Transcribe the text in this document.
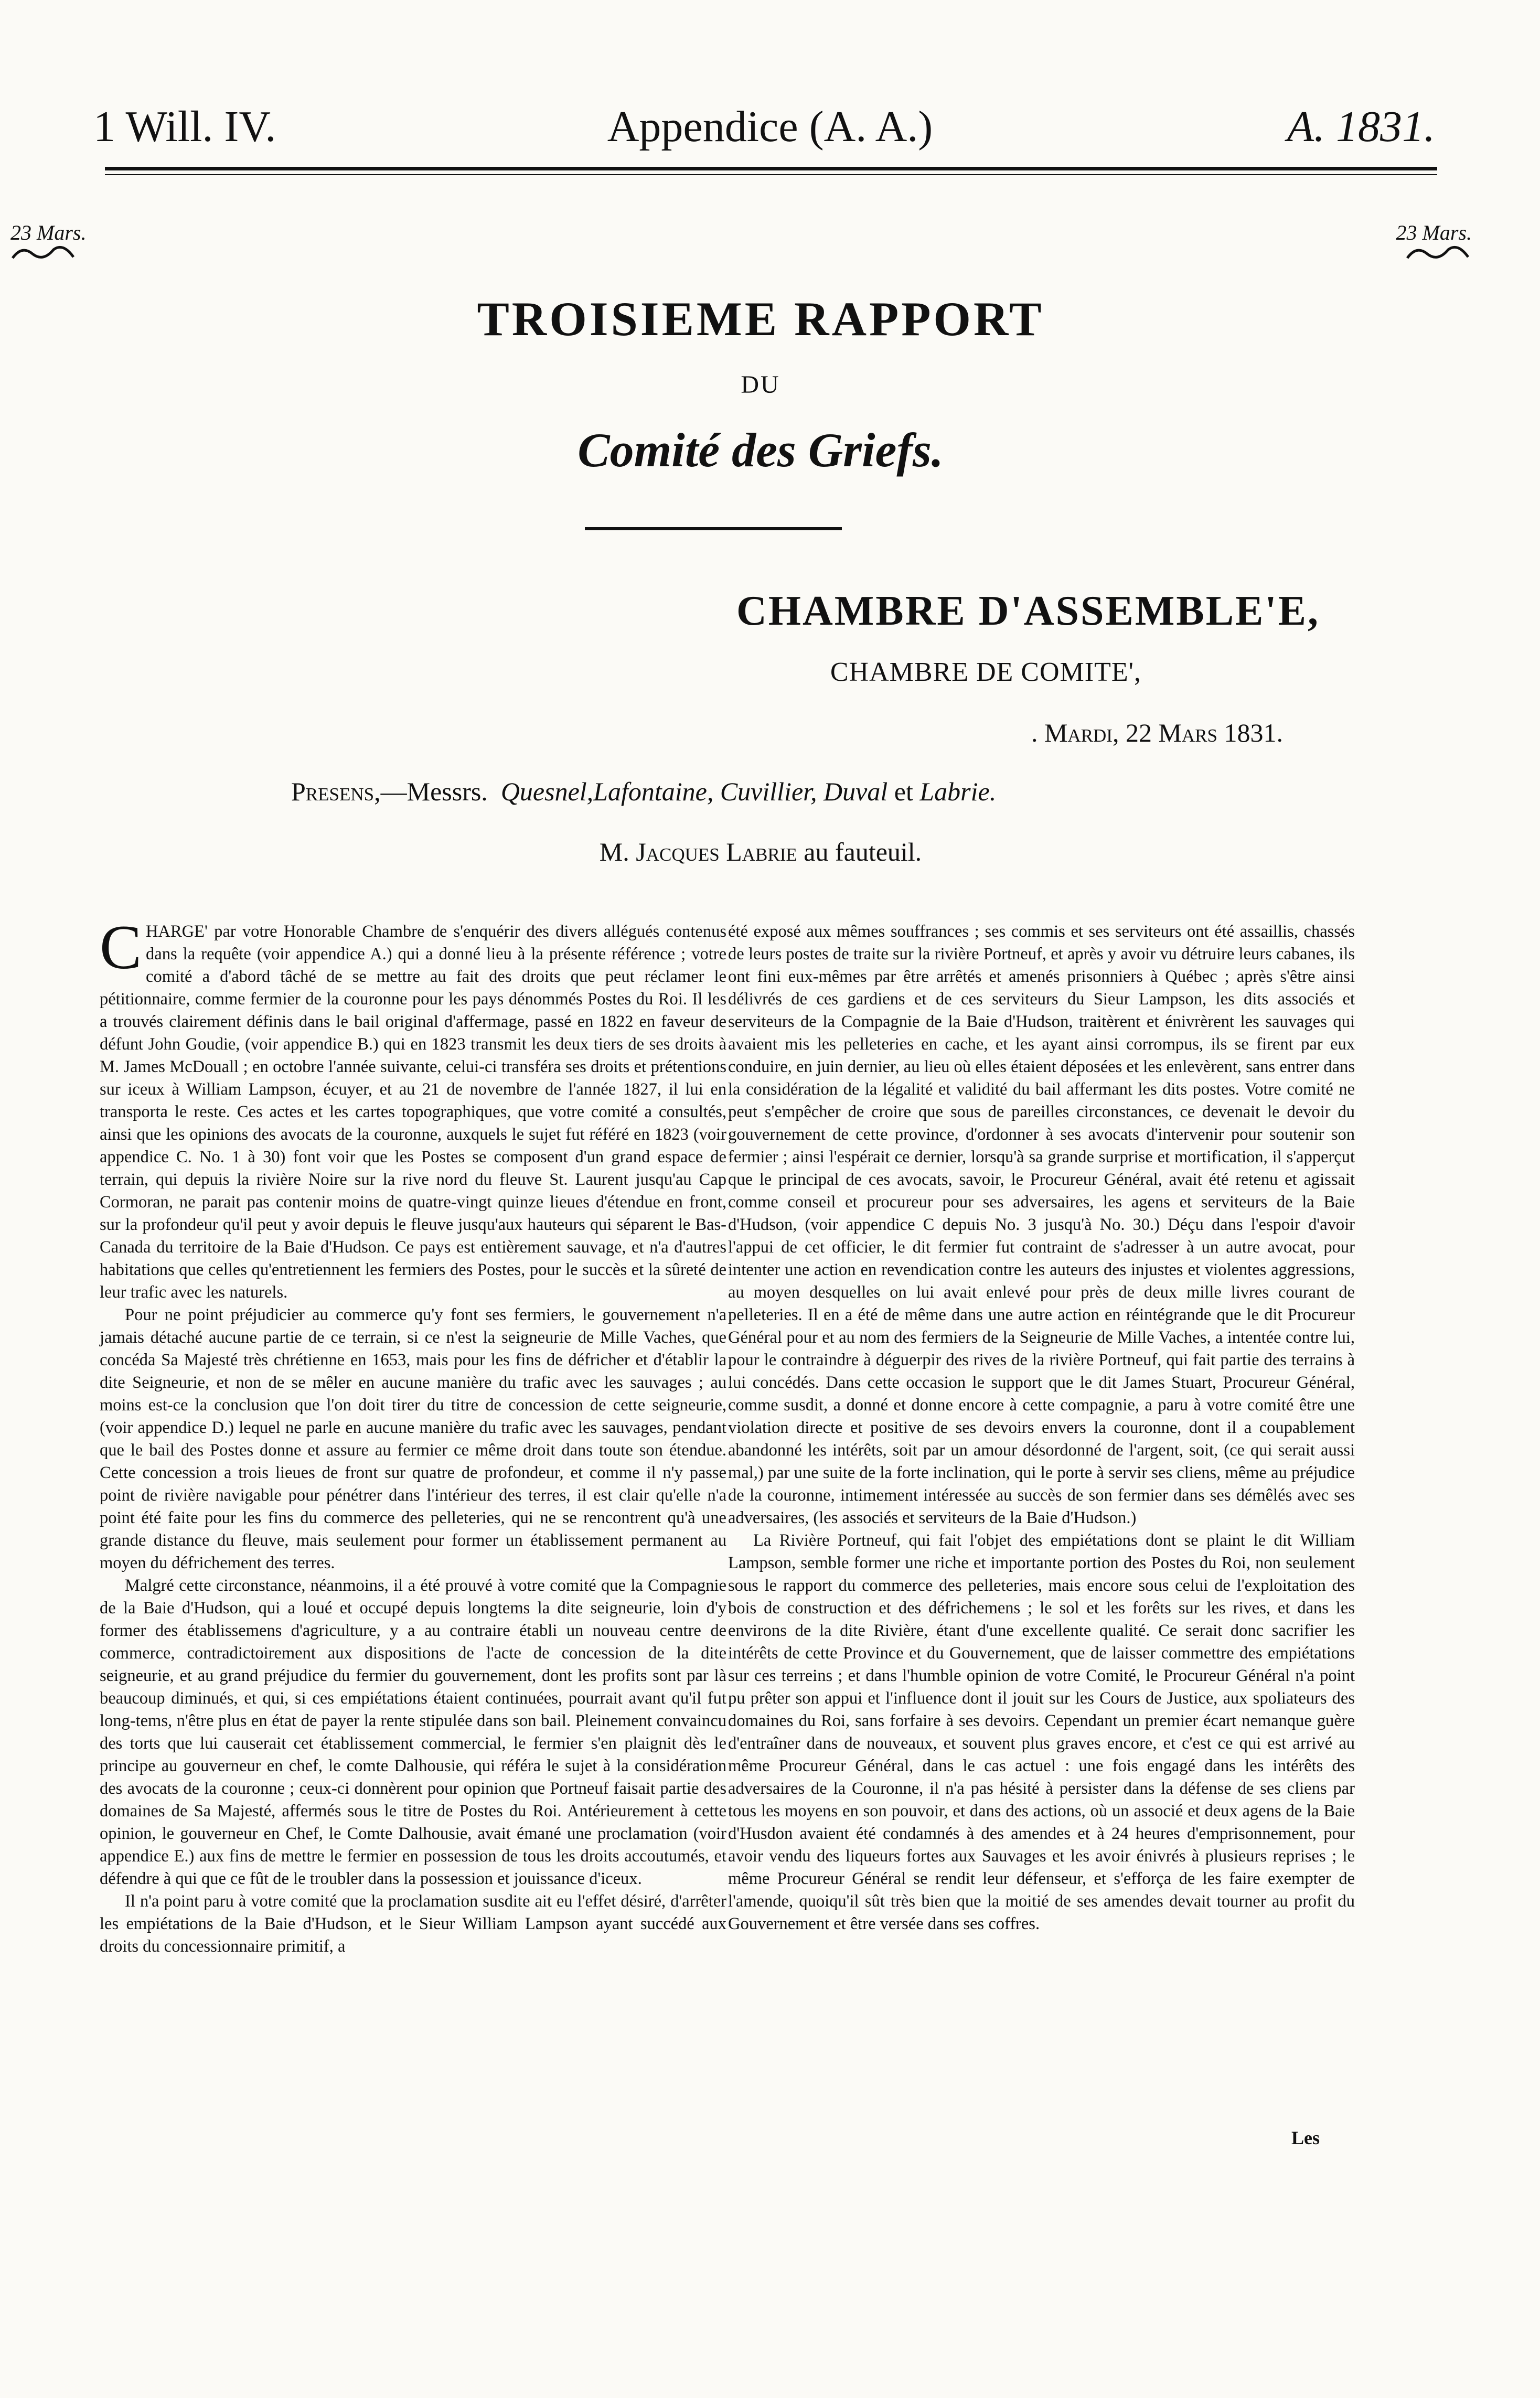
1 Will. IV.	Appendice (A. A.)	A. 1831.
23 Mars.	23 Mars.
TROISIEME RAPPORT
DU
Comité des Griefs.
CHAMBRE D'ASSEMBLE'E,
CHAMBRE DE COMITE',
. Mardi, 22 Mars 1831.
Presens,—Messrs. Quesnel,Lafontaine, Cuvillier, Duval et Labrie.
M. Jacques Labrie au fauteuil.

CHARGE' par votre Honorable Chambre de s'enquérir des divers allégués contenus dans la requête (voir appendice A.) qui a donné lieu à la présente référence ; votre comité a d'abord tâché de se mettre au fait des droits que peut réclamer le pétitionnaire, comme fermier de la couronne pour les pays dénommés Postes du Roi. Il les a trouvés clairement définis dans le bail original d'affermage, passé en 1822 en faveur de défunt John Goudie, (voir appendice B.) qui en 1823 transmit les deux tiers de ses droits à M. James McDouall ; en octobre l'année suivante, celui-ci transféra ses droits et prétentions sur iceux à William Lampson, écuyer, et au 21 de novembre de l'année 1827, il lui en transporta le reste. Ces actes et les cartes topographiques, que votre comité a consultés, ainsi que les opinions des avocats de la couronne, auxquels le sujet fut référé en 1823 (voir appendice C. No. 1 à 30) font voir que les Postes se composent d'un grand espace de terrain, qui depuis la rivière Noire sur la rive nord du fleuve St. Laurent jusqu'au Cap Cormoran, ne parait pas contenir moins de quatre-vingt quinze lieues d'étendue en front, sur la profondeur qu'il peut y avoir depuis le fleuve jusqu'aux hauteurs qui séparent le Bas-Canada du territoire de la Baie d'Hudson. Ce pays est entièrement sauvage, et n'a d'autres habitations que celles qu'entretiennent les fermiers des Postes, pour le succès et la sûreté de leur trafic avec les naturels.

Pour ne point préjudicier au commerce qu'y font ses fermiers, le gouvernement n'a jamais détaché aucune partie de ce terrain, si ce n'est la seigneurie de Mille Vaches, que concéda Sa Majesté très chrétienne en 1653, mais pour les fins de défricher et d'établir la dite Seigneurie, et non de se mêler en aucune manière du trafic avec les sauvages ; au moins est-ce la conclusion que l'on doit tirer du titre de concession de cette seigneurie, (voir appendice D.) lequel ne parle en aucune manière du trafic avec les sauvages, pendant que le bail des Postes donne et assure au fermier ce même droit dans toute son étendue. Cette concession a trois lieues de front sur quatre de profondeur, et comme il n'y passe point de rivière navigable pour pénétrer dans l'intérieur des terres, il est clair qu'elle n'a point été faite pour les fins du commerce des pelleteries, qui ne se rencontrent qu'à une grande distance du fleuve, mais seulement pour former un établissement permanent au moyen du défrichement des terres.

Malgré cette circonstance, néanmoins, il a été prouvé à votre comité que la Compagnie de la Baie d'Hudson, qui a loué et occupé depuis longtems la dite seigneurie, loin d'y former des établissemens d'agriculture, y a au contraire établi un nouveau centre de commerce, contradictoirement aux dispositions de l'acte de concession de la dite seigneurie, et au grand préjudice du fermier du gouvernement, dont les profits sont par là beaucoup diminués, et qui, si ces empiétations étaient continuées, pourrait avant qu'il fut long-tems, n'être plus en état de payer la rente stipulée dans son bail. Pleinement convaincu des torts que lui causerait cet établissement commercial, le fermier s'en plaignit dès le principe au gouverneur en chef, le comte Dalhousie, qui référa le sujet à la considération des avocats de la couronne ; ceux-ci donnèrent pour opinion que Portneuf faisait partie des domaines de Sa Majesté, affermés sous le titre de Postes du Roi. Antérieurement à cette opinion, le gouverneur en Chef, le Comte Dalhousie, avait émané une proclamation (voir appendice E.) aux fins de mettre le fermier en possession de tous les droits accoutumés, et défendre à qui que ce fût de le troubler dans la possession et jouissance d'iceux.

Il n'a point paru à votre comité que la proclamation susdite ait eu l'effet désiré, d'arrêter les empiétations de la Baie d'Hudson, et le Sieur William Lampson ayant succédé aux droits du concessionnaire primitif, a

été exposé aux mêmes souffrances ; ses commis et ses serviteurs ont été assaillis, chassés de leurs postes de traite sur la rivière Portneuf, et après y avoir vu détruire leurs cabanes, ils ont fini eux-mêmes par être arrêtés et amenés prisonniers à Québec ; après s'être ainsi délivrés de ces gardiens et de ces serviteurs du Sieur Lampson, les dits associés et serviteurs de la Compagnie de la Baie d'Hudson, traitèrent et énivrèrent les sauvages qui avaient mis les pelleteries en cache, et les ayant ainsi corrompus, ils se firent par eux conduire, en juin dernier, au lieu où elles étaient déposées et les enlevèrent, sans entrer dans la considération de la légalité et validité du bail affermant les dits postes. Votre comité ne peut s'empêcher de croire que sous de pareilles circonstances, ce devenait le devoir du gouvernement de cette province, d'ordonner à ses avocats d'intervenir pour soutenir son fermier ; ainsi l'espérait ce dernier, lorsqu'à sa grande surprise et mortification, il s'apperçut que le principal de ces avocats, savoir, le Procureur Général, avait été retenu et agissait comme conseil et procureur pour ses adversaires, les agens et serviteurs de la Baie d'Hudson, (voir appendice C depuis No. 3 jusqu'à No. 30.) Déçu dans l'espoir d'avoir l'appui de cet officier, le dit fermier fut contraint de s'adresser à un autre avocat, pour intenter une action en revendication contre les auteurs des injustes et violentes aggressions, au moyen desquelles on lui avait enlevé pour près de deux mille livres courant de pelleteries. Il en a été de même dans une autre action en réintégrande que le dit Procureur Général pour et au nom des fermiers de la Seigneurie de Mille Vaches, a intentée contre lui, pour le contraindre à déguerpir des rives de la rivière Portneuf, qui fait partie des terrains à lui concédés. Dans cette occasion le support que le dit James Stuart, Procureur Général, comme susdit, a donné et donne encore à cette compagnie, a paru à votre comité être une violation directe et positive de ses devoirs envers la couronne, dont il a coupablement abandonné les intérêts, soit par un amour désordonné de l'argent, soit, (ce qui serait aussi mal,) par une suite de la forte inclination, qui le porte à servir ses cliens, même au préjudice de la couronne, intimement intéressée au succès de son fermier dans ses démêlés avec ses adversaires, (les associés et serviteurs de la Baie d'Hudson.)

La Rivière Portneuf, qui fait l'objet des empiétations dont se plaint le dit William Lampson, semble former une riche et importante portion des Postes du Roi, non seulement sous le rapport du commerce des pelleteries, mais encore sous celui de l'exploitation des bois de construction et des défrichemens ; le sol et les forêts sur les rives, et dans les environs de la dite Rivière, étant d'une excellente qualité. Ce serait donc sacrifier les intérêts de cette Province et du Gouvernement, que de laisser commettre des empiétations sur ces terreins ; et dans l'humble opinion de votre Comité, le Procureur Général n'a point pu prêter son appui et l'influence dont il jouit sur les Cours de Justice, aux spoliateurs des domaines du Roi, sans forfaire à ses devoirs. Cependant un premier écart nemanque guère d'entraîner dans de nouveaux, et souvent plus graves encore, et c'est ce qui est arrivé au même Procureur Général, dans le cas actuel : une fois engagé dans les intérêts des adversaires de la Couronne, il n'a pas hésité à persister dans la défense de ses cliens par tous les moyens en son pouvoir, et dans des actions, où un associé et deux agens de la Baie d'Husdon avaient été condamnés à des amendes et à 24 heures d'emprisonnement, pour avoir vendu des liqueurs fortes aux Sauvages et les avoir énivrés à plusieurs reprises ; le même Procureur Général se rendit leur défenseur, et s'efforça de les faire exempter de l'amende, quoiqu'il sût très bien que la moitié de ses amendes devait tourner au profit du Gouvernement et être versée dans ses coffres.

Les
